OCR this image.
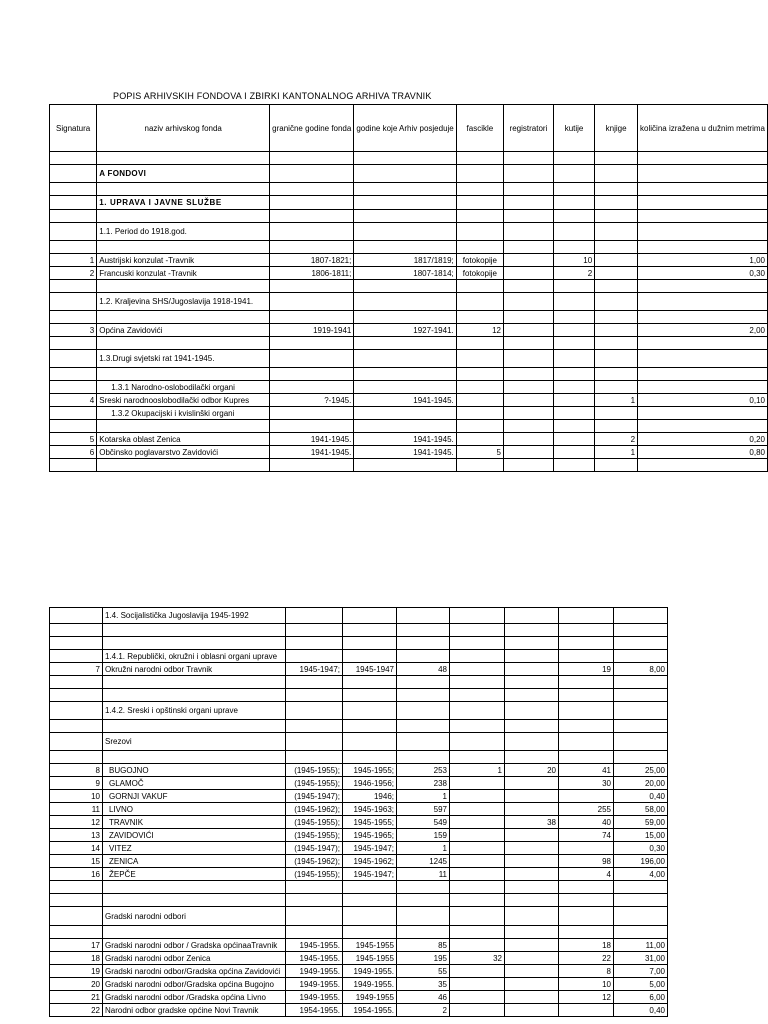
POPIS ARHIVSKIH FONDOVA I ZBIRKI KANTONALNOG ARHIVA TRAVNIK
Signatura	naziv arhivskog fonda	granične godine fonda	godine koje Arhiv posjeduje	fascikle	registratori	kutije	knjige	količina izražena u dužnim metrima

	A FONDOVI							

	1. UPRAVA I JAVNE SLUŽBE							

	1.1. Period do 1918.god.							

1	Austrijski konzulat -Travnik	1807-1821;	1817/1819;	fotokopije		10		1,00
2	Francuski konzulat -Travnik	1806-1811;	1807-1814;	fotokopije		2		0,30

	1.2. Kraljevina SHS/Jugoslavija 1918-1941.							

3	Općina Zavidovići	1919-1941	1927-1941.	12				2,00

	1.3.Drugi svjetski rat 1941-1945.							

	1.3.1 Narodno-oslobodilački organi							
4	Sreski narodnooslobodilački odbor Kupres	?-1945.	1941-1945.				1	0,10
	1.3.2 Okupacijski i kvislinški organi							

5	Kotarska oblast Zenica	1941-1945.	1941-1945.				2	0,20
6	Občinsko poglavarstvo Zavidovići	1941-1945.	1941-1945.	5			1	0,80

	1.4. Socijalistička Jugoslavija 1945-1992							

	1.4.1. Republički, okružni i oblasni organi uprave							
7	Okružni narodni odbor Travnik	1945-1947;	1945-1947	48			19	8,00

	1.4.2. Sreski i opštinski organi uprave							

	Srezovi							

8	BUGOJNO	(1945-1955);	1945-1955;	253	1	20	41	25,00
9	GLAMOČ	(1945-1955);	1946-1956;	238			30	20,00
10	GORNJI VAKUF	(1945-1947);	1946;	1				0,40
11	LIVNO	(1945-1962);	1945-1963;	597			255	58,00
12	TRAVNIK	(1945-1955);	1945-1955;	549		38	40	59,00
13	ZAVIDOVIĆI	(1945-1955);	1945-1965;	159			74	15,00
14	VITEZ	(1945-1947);	1945-1947;	1				0,30
15	ZENICA	(1945-1962);	1945-1962;	1245			98	196,00
16	ŽEPČE	(1945-1955);	1945-1947;	11			4	4,00

	Gradski narodni odbori							

17	Gradski narodni odbor / Gradska općinaaTravnik	1945-1955.	1945-1955	85			18	11,00
18	Gradski narodni odbor Zenica	1945-1955.	1945-1955	195	32		22	31,00
19	Gradski narodni odbor/Gradska općina Zavidovići	1949-1955.	1949-1955.	55			8	7,00
20	Gradski narodni odbor/Gradska općina Bugojno	1949-1955.	1949-1955.	35			10	5,00
21	Gradski narodni odbor /Gradska općina Livno	1949-1955.	1949-1955	46			12	6,00
22	Narodni odbor gradske općine Novi Travnik	1954-1955.	1954-1955.	2				0,40
